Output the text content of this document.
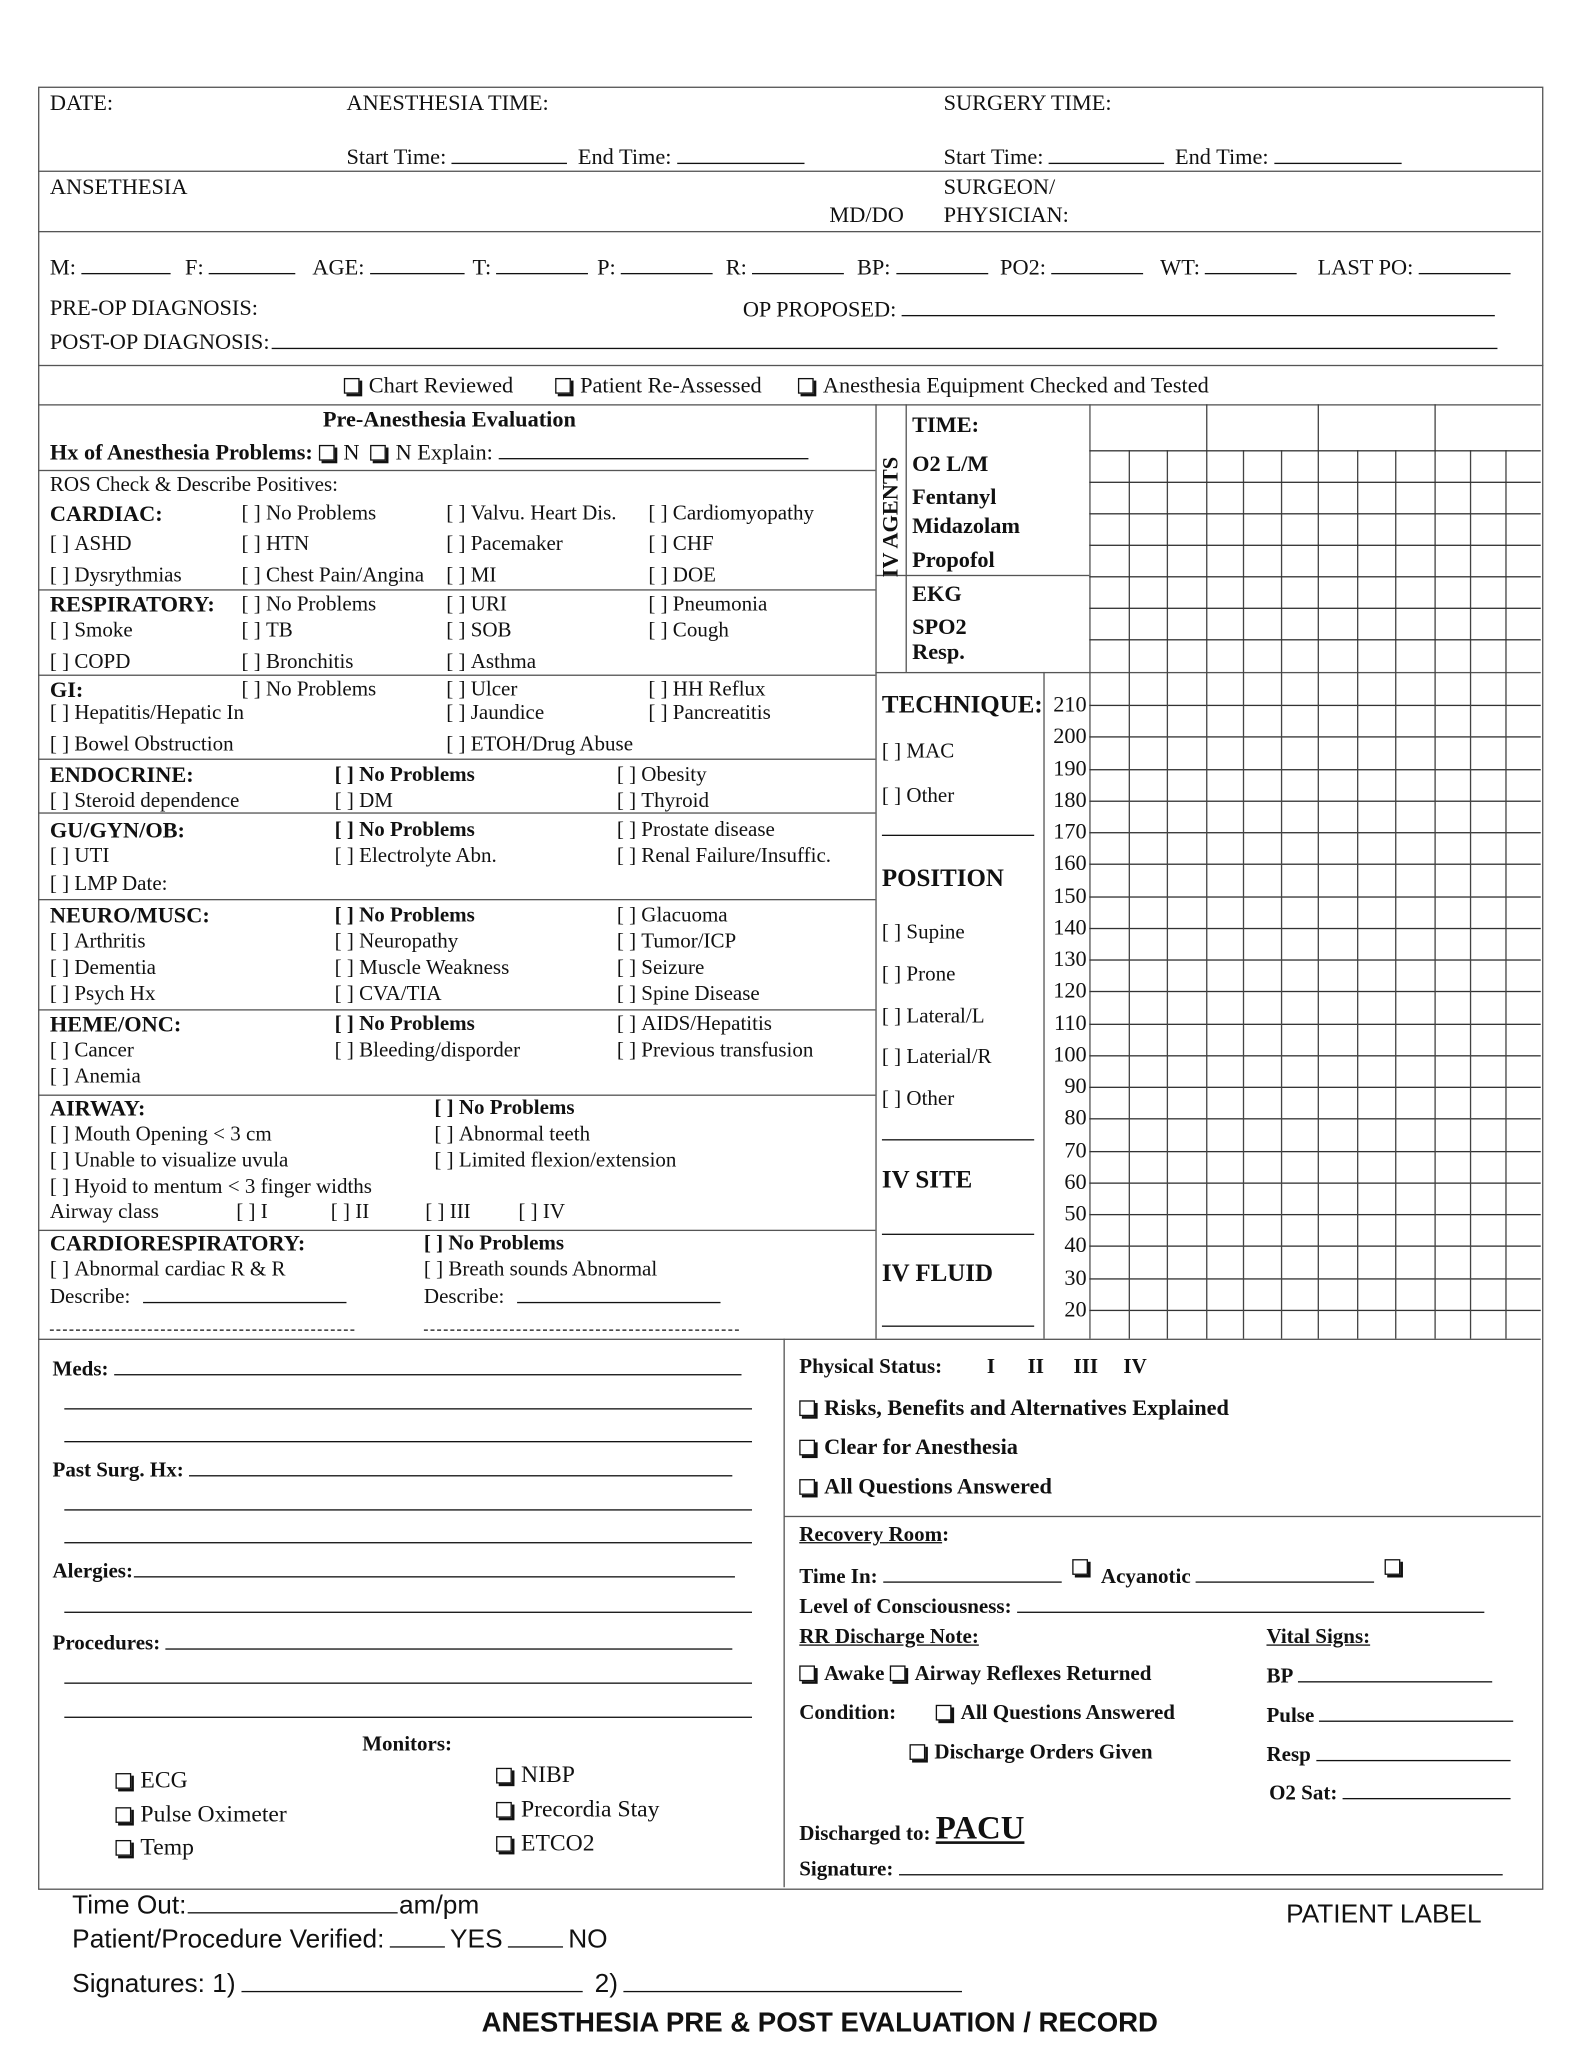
DATE:	ANESTHESIA TIME:	SURGERY TIME:
Start Time:	End Time:	Start Time:	End Time:
ANSETHESIA
MD/DO
SURGEON/
PHYSICIAN:
M:	F:	AGE:	T:	P:	R:	BP:	PO2:	WT:	LAST PO:
PRE-OP DIAGNOSIS:	OP PROPOSED:
POST-OP DIAGNOSIS:
Chart Reviewed	Patient Re-Assessed	Anesthesia Equipment Checked and Tested
Pre-Anesthesia Evaluation
Hx of Anesthesia Problems: N N Explain:
ROS Check & Describe Positives:
CARDIAC:	[ ] No Problems	[ ] Valvu. Heart Dis.	[ ] Cardiomyopathy
[ ] ASHD	[ ] HTN	[ ] Pacemaker	[ ] CHF
[ ] Dysrythmias	[ ] Chest Pain/Angina	[ ] MI	[ ] DOE
RESPIRATORY:	[ ] No Problems	[ ] URI	[ ] Pneumonia
[ ] Smoke	[ ] TB	[ ] SOB	[ ] Cough
[ ] COPD	[ ] Bronchitis	[ ] Asthma
GI:	[ ] No Problems	[ ] Ulcer	[ ] HH Reflux
[ ] Hepatitis/Hepatic In	[ ] Jaundice	[ ] Pancreatitis
[ ] Bowel Obstruction	[ ] ETOH/Drug Abuse
ENDOCRINE:	[ ] No Problems	[ ] Obesity
[ ] Steroid dependence	[ ] DM	[ ] Thyroid
GU/GYN/OB:	[ ] No Problems	[ ] Prostate disease
[ ] UTI	[ ] Electrolyte Abn.	[ ] Renal Failure/Insuffic.
[ ] LMP Date:
NEURO/MUSC:	[ ] No Problems	[ ] Glacuoma
[ ] Arthritis	[ ] Neuropathy	[ ] Tumor/ICP
[ ] Dementia	[ ] Muscle Weakness	[ ] Seizure
[ ] Psych Hx	[ ] CVA/TIA	[ ] Spine Disease
HEME/ONC:	[ ] No Problems	[ ] AIDS/Hepatitis
[ ] Cancer	[ ] Bleeding/disporder	[ ] Previous transfusion
[ ] Anemia
AIRWAY:	[ ] No Problems
[ ] Mouth Opening < 3 cm	[ ] Abnormal teeth
[ ] Unable to visualize uvula	[ ] Limited flexion/extension
[ ] Hyoid to mentum < 3 finger widths
CARDIORESPIRATORY:	[ ] No Problems
[ ] Abnormal cardiac R & R	[ ] Breath sounds Abnormal
Airway class	[ ] I	[ ] II	[ ] III	[ ] IV
Describe:	Describe:
IV AGENTS
TIME:
O2 L/M
Fentanyl
Midazolam
Propofol
EKG
SPO2
Resp.
210
200
190
180
170
160
150
140
130
120
110
100
90
80
70
60
50
40
30
20
TECHNIQUE:
[ ] MAC
[ ] Other
POSITION
[ ] Supine
[ ] Prone
[ ] Lateral/L
[ ] Laterial/R
[ ] Other
IV SITE
IV FLUID
Meds:
Past Surg. Hx:
Alergies:
Procedures:
Monitors:
ECG
Pulse Oximeter
Temp
NIBP
Precordia Stay
ETCO2
Physical Status:	I II III IV
Risks, Benefits and Alternatives Explained
Clear for Anesthesia
All Questions Answered
Recovery Room:
Time In:	Acyanotic
Level of Consciousness:
RR Discharge Note:	Vital Signs:
Awake Airway Reflexes Returned
Condition:	All Questions Answered
Discharge Orders Given
BP
Pulse
Resp
O2 Sat:
Discharged to: PACU
Signature:
Time Out:	am/pm
Patient/Procedure Verified:	YES	NO
Signatures: 1)	2)
PATIENT LABEL
ANESTHESIA PRE & POST EVALUATION / RECORD
